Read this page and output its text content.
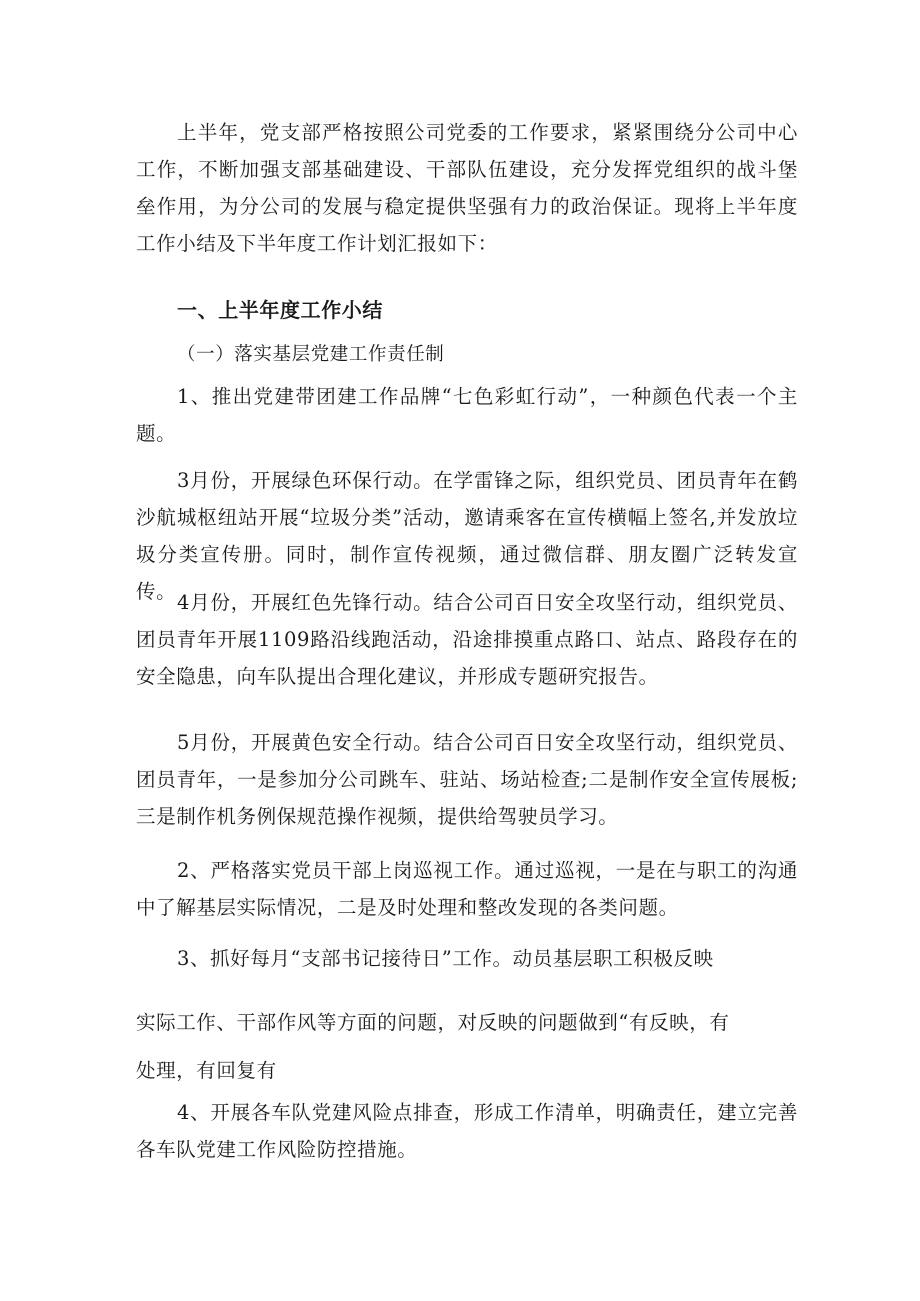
上半年，党支部严格按照公司党委的工作要求，紧紧围绕分公司中心工作，不断加强支部基础建设、干部队伍建设，充分发挥党组织的战斗堡垒作用，为分公司的发展与稳定提供坚强有力的政治保证。现将上半年度工作小结及下半年度工作计划汇报如下：

一、上半年度工作小结

（一）落实基层党建工作责任制

1、推出党建带团建工作品牌“七色彩虹行动”，一种颜色代表一个主题。

3月份，开展绿色环保行动。在学雷锋之际，组织党员、团员青年在鹤沙航城枢纽站开展“垃圾分类”活动，邀请乘客在宣传横幅上签名,并发放垃圾分类宣传册。同时，制作宣传视频，通过微信群、朋友圈广泛转发宣传。 4月份，开展红色先锋行动。结合公司百日安全攻坚行动，组织党员、团员青年开展1109路沿线跑活动，沿途排摸重点路口、站点、路段存在的安全隐患，向车队提出合理化建议，并形成专题研究报告。

5月份，开展黄色安全行动。结合公司百日安全攻坚行动，组织党员、团员青年，一是参加分公司跳车、驻站、场站检查;二是制作安全宣传展板;三是制作机务例保规范操作视频，提供给驾驶员学习。

2、严格落实党员干部上岗巡视工作。通过巡视，一是在与职工的沟通中了解基层实际情况，二是及时处理和整改发现的各类问题。

3、抓好每月“支部书记接待日”工作。动员基层职工积极反映

实际工作、干部作风等方面的问题，对反映的问题做到“有反映，有

处理，有回复有

4、开展各车队党建风险点排查，形成工作清单，明确责任，建立完善各车队党建工作风险防控措施。
